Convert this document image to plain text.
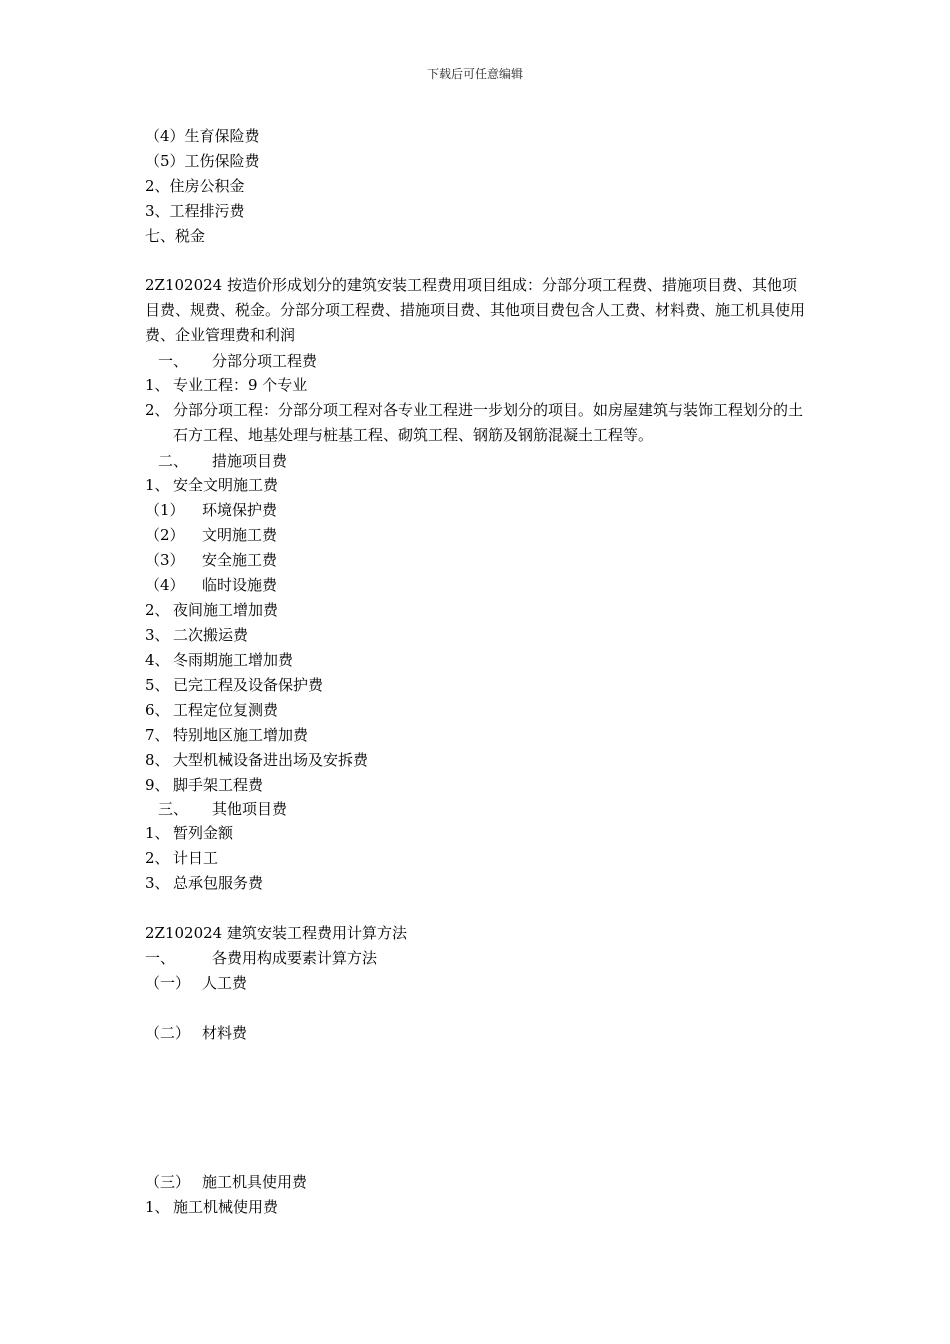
下载后可任意编辑
（4）生育保险费
（5）工伤保险费
2、住房公积金
3、工程排污费
七、税金
2Z102024 按造价形成划分的建筑安装工程费用项目组成：分部分项工程费、措施项目费、其他项目费、规费、税金。分部分项工程费、措施项目费、其他项目费包含人工费、材料费、施工机具使用费、企业管理费和利润
一、 分部分项工程费
1、 专业工程：9 个专业
2、 分部分项工程：分部分项工程对各专业工程进一步划分的项目。如房屋建筑与装饰工程划分的土石方工程、地基处理与桩基工程、砌筑工程、钢筋及钢筋混凝土工程等。
二、 措施项目费
1、 安全文明施工费
（1） 环境保护费
（2） 文明施工费
（3） 安全施工费
（4） 临时设施费
2、 夜间施工增加费
3、 二次搬运费
4、 冬雨期施工增加费
5、 已完工程及设备保护费
6、 工程定位复测费
7、 特别地区施工增加费
8、 大型机械设备进出场及安拆费
9、 脚手架工程费
三、 其他项目费
1、 暂列金额
2、 计日工
3、 总承包服务费
2Z102024 建筑安装工程费用计算方法
一、 各费用构成要素计算方法
（一） 人工费
（二） 材料费
（三） 施工机具使用费
1、 施工机械使用费
